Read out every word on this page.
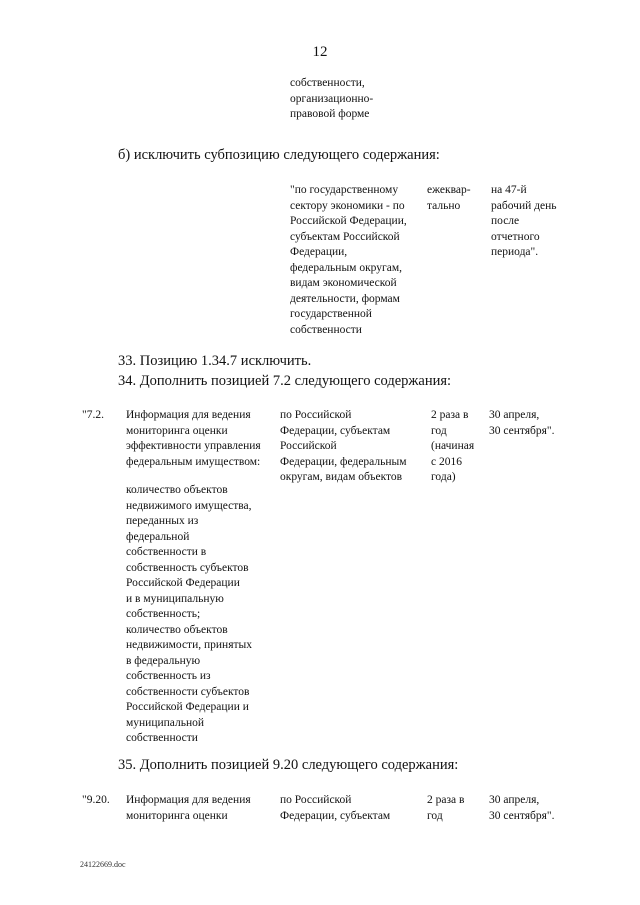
12
собственности,
организационно-
правовой форме
б) исключить субпозицию следующего содержания:
"по государственному
сектору экономики - по
Российской Федерации,
субъектам Российской
Федерации,
федеральным округам,
видам экономической
деятельности, формам
государственной
собственности
ежеквар-
тально
на 47-й
рабочий день
после
отчетного
периода".
33. Позицию 1.34.7 исключить.
34. Дополнить позицией 7.2 следующего содержания:
"7.2. Информация для ведения
мониторинга оценки
эффективности управления
федеральным имуществом:
количество объектов
недвижимого имущества,
переданных из
федеральной
собственности в
собственность субъектов
Российской Федерации
и в муниципальную
собственность;
количество объектов
недвижимости, принятых
в федеральную
собственность из
собственности субъектов
Российской Федерации и
муниципальной
собственности
по Российской
Федерации, субъектам
Российской
Федерации, федеральным
округам, видам объектов
2 раза в
год
(начиная
с 2016
года)
30 апреля,
30 сентября".
35. Дополнить позицией 9.20 следующего содержания:
"9.20. Информация для ведения
мониторинга оценки
по Российской
Федерации, субъектам
2 раза в
год
30 апреля,
30 сентября".
24122669.doc
